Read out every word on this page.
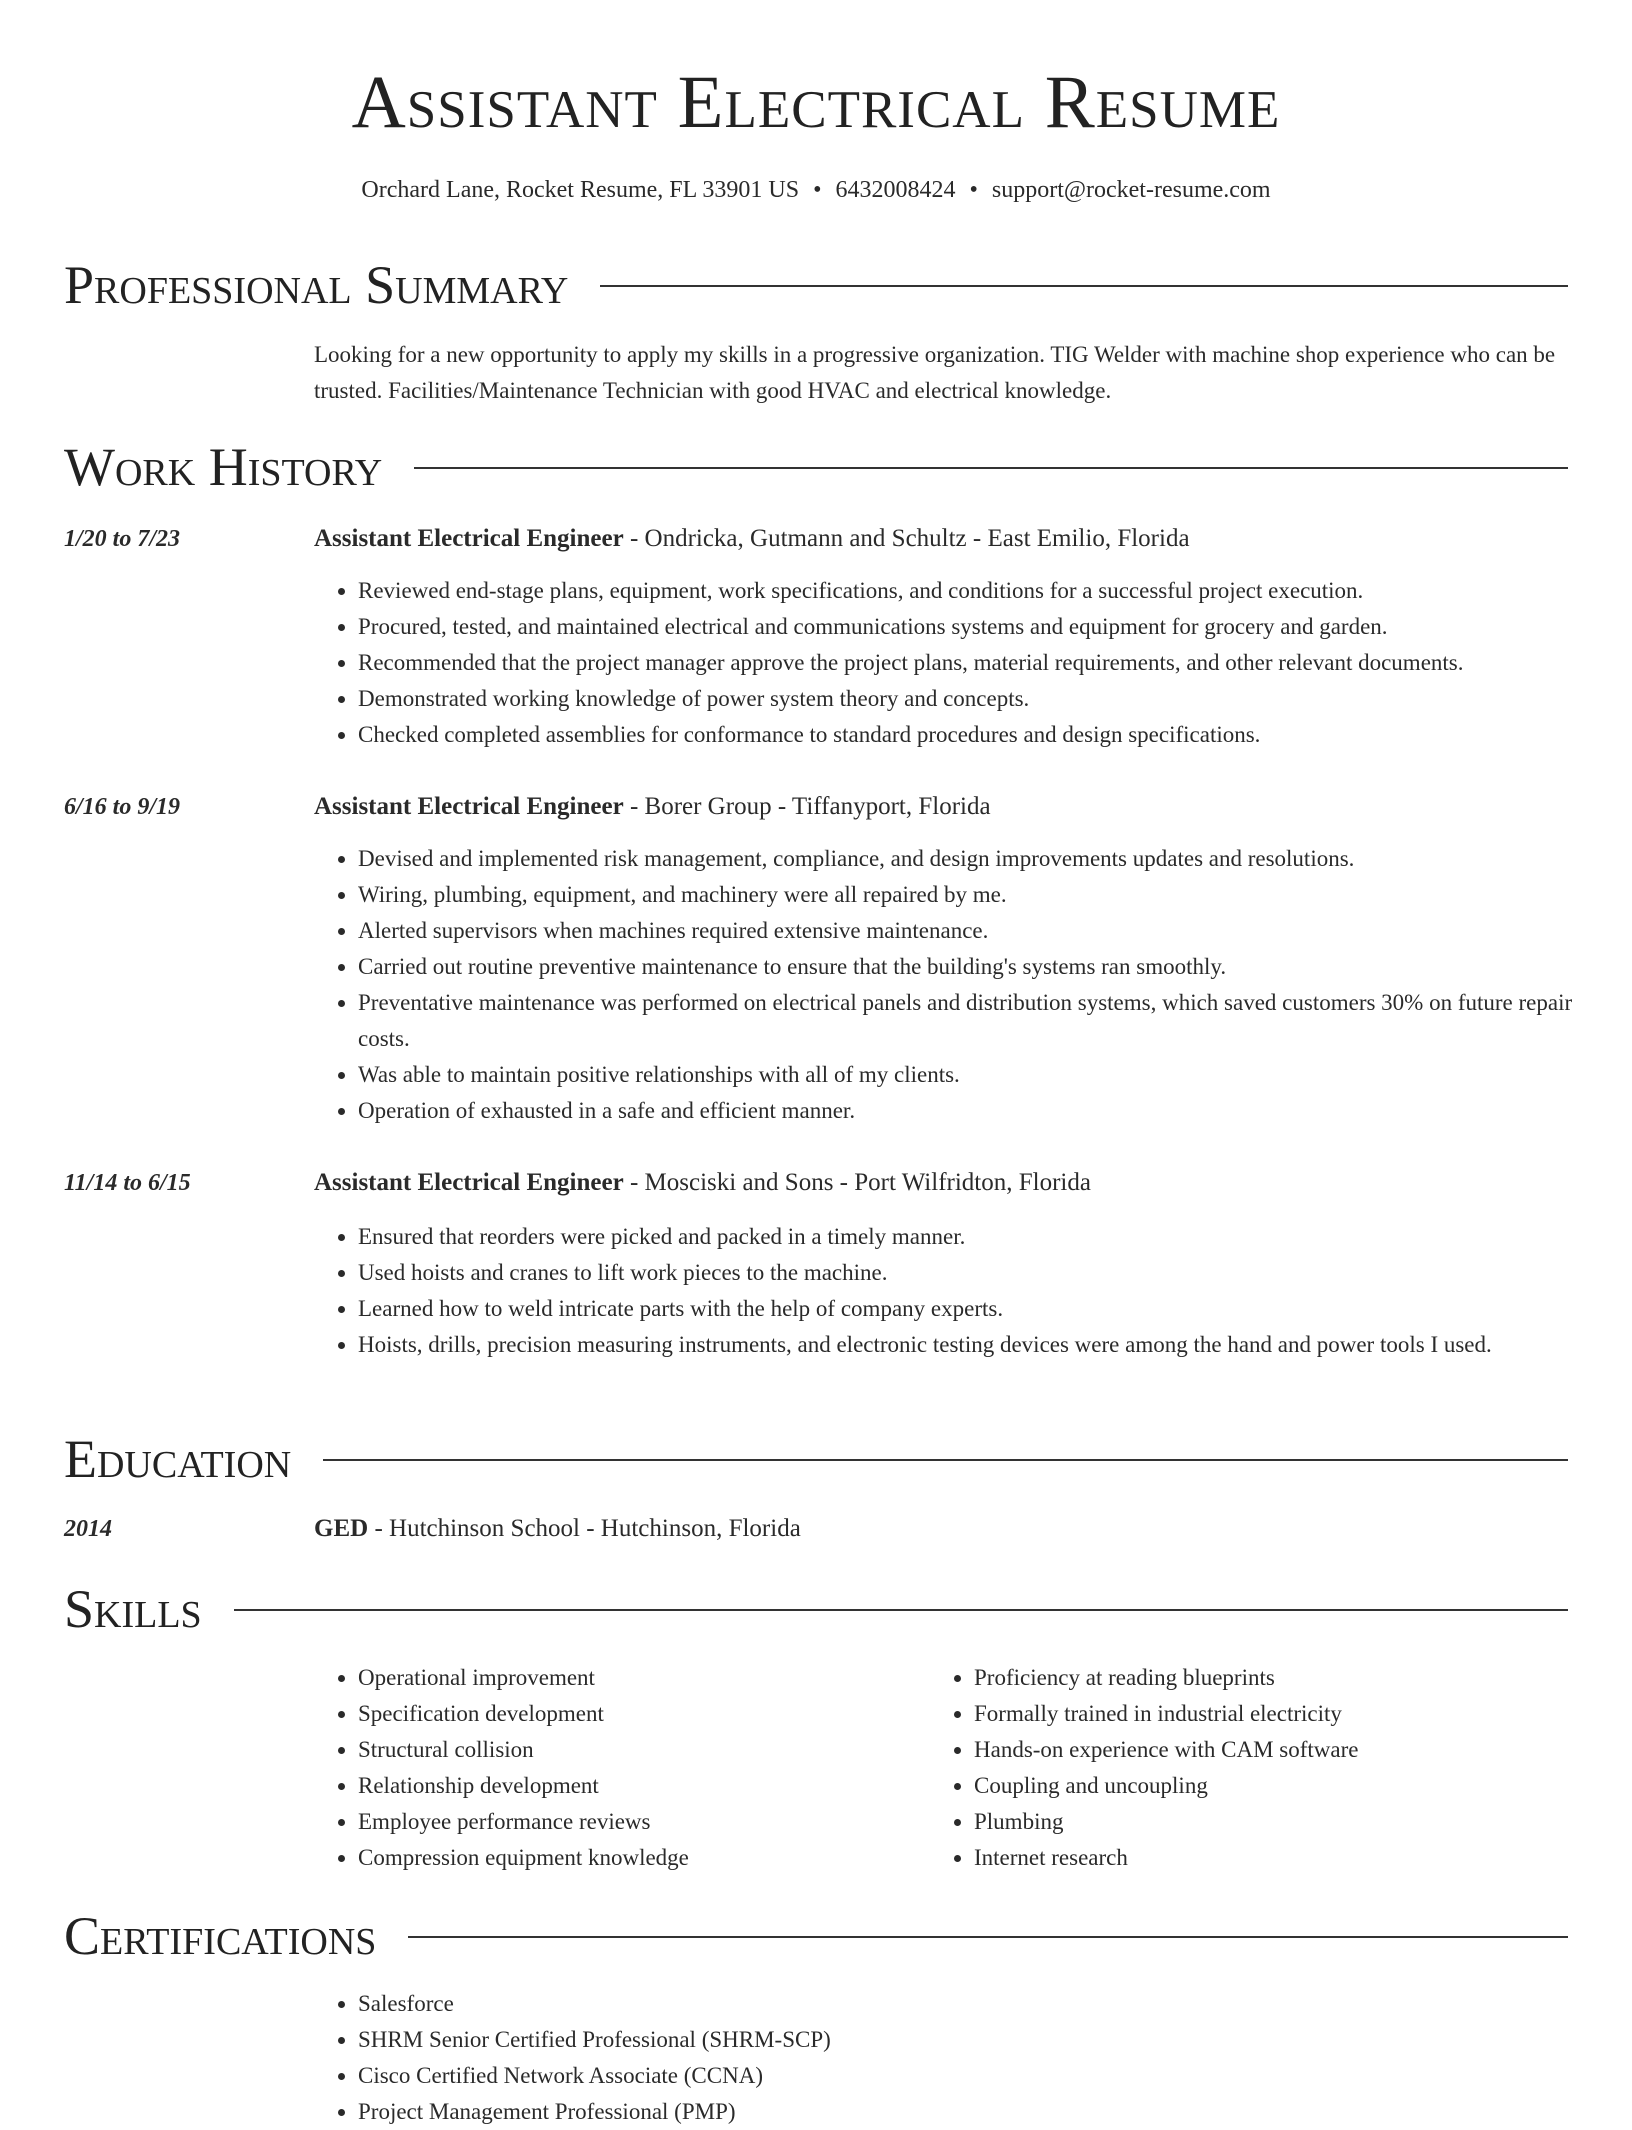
Assistant Electrical Resume
Orchard Lane, Rocket Resume, FL 33901 US • 6432008424 • support@rocket-resume.com
Professional Summary
Looking for a new opportunity to apply my skills in a progressive organization. TIG Welder with machine shop experience who can be trusted. Facilities/Maintenance Technician with good HVAC and electrical knowledge.
Work History
1/20 to 7/23	Assistant Electrical Engineer - Ondricka, Gutmann and Schultz - East Emilio, Florida
• Reviewed end-stage plans, equipment, work specifications, and conditions for a successful project execution.
• Procured, tested, and maintained electrical and communications systems and equipment for grocery and garden.
• Recommended that the project manager approve the project plans, material requirements, and other relevant documents.
• Demonstrated working knowledge of power system theory and concepts.
• Checked completed assemblies for conformance to standard procedures and design specifications.
6/16 to 9/19	Assistant Electrical Engineer - Borer Group - Tiffanyport, Florida
• Devised and implemented risk management, compliance, and design improvements updates and resolutions.
• Wiring, plumbing, equipment, and machinery were all repaired by me.
• Alerted supervisors when machines required extensive maintenance.
• Carried out routine preventive maintenance to ensure that the building's systems ran smoothly.
• Preventative maintenance was performed on electrical panels and distribution systems, which saved customers 30% on future repair costs.
• Was able to maintain positive relationships with all of my clients.
• Operation of exhausted in a safe and efficient manner.
11/14 to 6/15	Assistant Electrical Engineer - Mosciski and Sons - Port Wilfridton, Florida
• Ensured that reorders were picked and packed in a timely manner.
• Used hoists and cranes to lift work pieces to the machine.
• Learned how to weld intricate parts with the help of company experts.
• Hoists, drills, precision measuring instruments, and electronic testing devices were among the hand and power tools I used.
Education
2014	GED - Hutchinson School - Hutchinson, Florida
Skills
• Operational improvement
• Specification development
• Structural collision
• Relationship development
• Employee performance reviews
• Compression equipment knowledge
• Proficiency at reading blueprints
• Formally trained in industrial electricity
• Hands-on experience with CAM software
• Coupling and uncoupling
• Plumbing
• Internet research
Certifications
• Salesforce
• SHRM Senior Certified Professional (SHRM-SCP)
• Cisco Certified Network Associate (CCNA)
• Project Management Professional (PMP)
